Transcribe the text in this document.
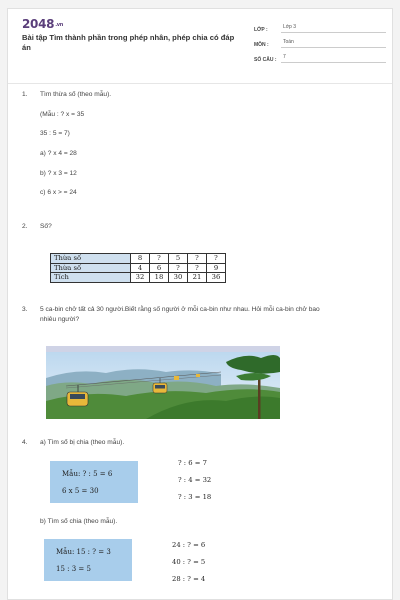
2048.vn
Bài tập Tìm thành phần trong phép nhân, phép chia có đáp án
LỚP :	Lớp 3
MÔN :	Toán
SỐ CÂU :	7
1. Tìm thừa số (theo mẫu).
(Mẫu : ? x = 35
35 : 5 = 7)
a) ? x 4 = 28
b) ? x 3 = 12
c) 6 x > = 24
2. Số?
Thừa số	8	?	5	?	?
Thừa số	4	6	?	?	9
Tích	32	18	30	21	36
3. 5 ca-bin chở tất cả 30 người.Biết rằng số người ở mỗi ca-bin như nhau. Hỏi mỗi ca-bin chở bao
nhiêu người?
4. a) Tìm số bị chia (theo mẫu).
Mẫu: ? : 5 = 6
6 x 5 = 30
? : 6 = 7
? : 4 = 32
? : 3 = 18
b) Tìm số chia (theo mẫu).
Mẫu: 15 : ? = 3
15 : 3 = 5
24 : ? = 6
40 : ? = 5
28 : ? = 4
